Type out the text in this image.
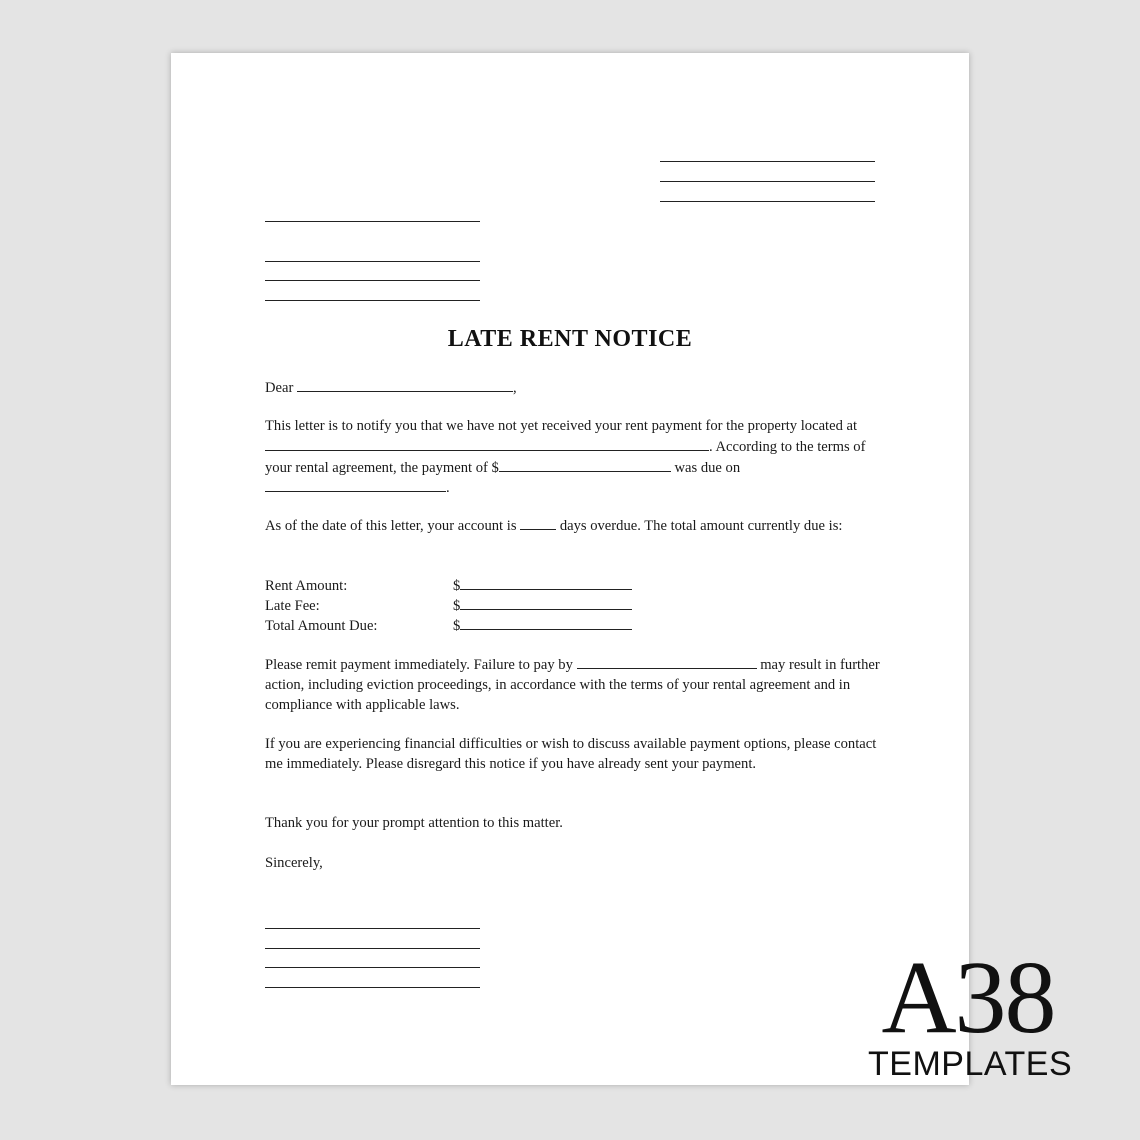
LATE RENT NOTICE
Dear	,
This letter is to notify you that we have not yet received your rent payment for the property located at . According to the terms of your rental agreement, the payment of $	was due on .
As of the date of this letter, your account is	days overdue. The total amount currently due is:
Rent Amount:	$
Late Fee:	$
Total Amount Due:	$
Please remit payment immediately. Failure to pay by	may result in further action, including eviction proceedings, in accordance with the terms of your rental agreement and in compliance with applicable laws.
If you are experiencing financial difficulties or wish to discuss available payment options, please contact me immediately. Please disregard this notice if you have already sent your payment.
Thank you for your prompt attention to this matter.
Sincerely,
A38
TEMPLATES
